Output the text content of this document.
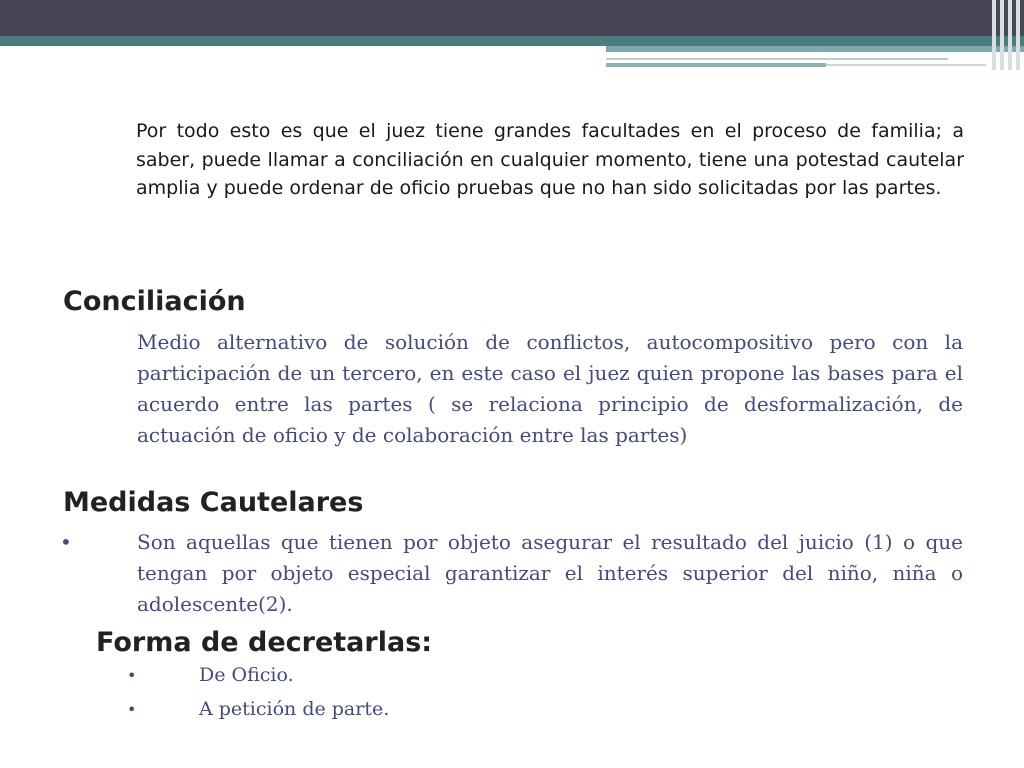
Por todo esto es que el juez tiene grandes facultades en el proceso de familia; a saber, puede llamar a conciliación en cualquier momento, tiene una potestad cautelar amplia y puede ordenar de oficio pruebas que no han sido solicitadas por las partes.

Conciliación

Medio alternativo de solución de conflictos, autocompositivo pero con la participación de un tercero, en este caso el juez quien propone las bases para el acuerdo entre las partes ( se relaciona principio de desformalización, de actuación de oficio y de colaboración entre las partes)

Medidas Cautelares
•	Son aquellas que tienen por objeto asegurar el resultado del juicio (1) o que tengan por objeto especial garantizar el interés superior del niño, niña o adolescente(2).

Forma de decretarlas:
•	De Oficio.
•	A petición de parte.
